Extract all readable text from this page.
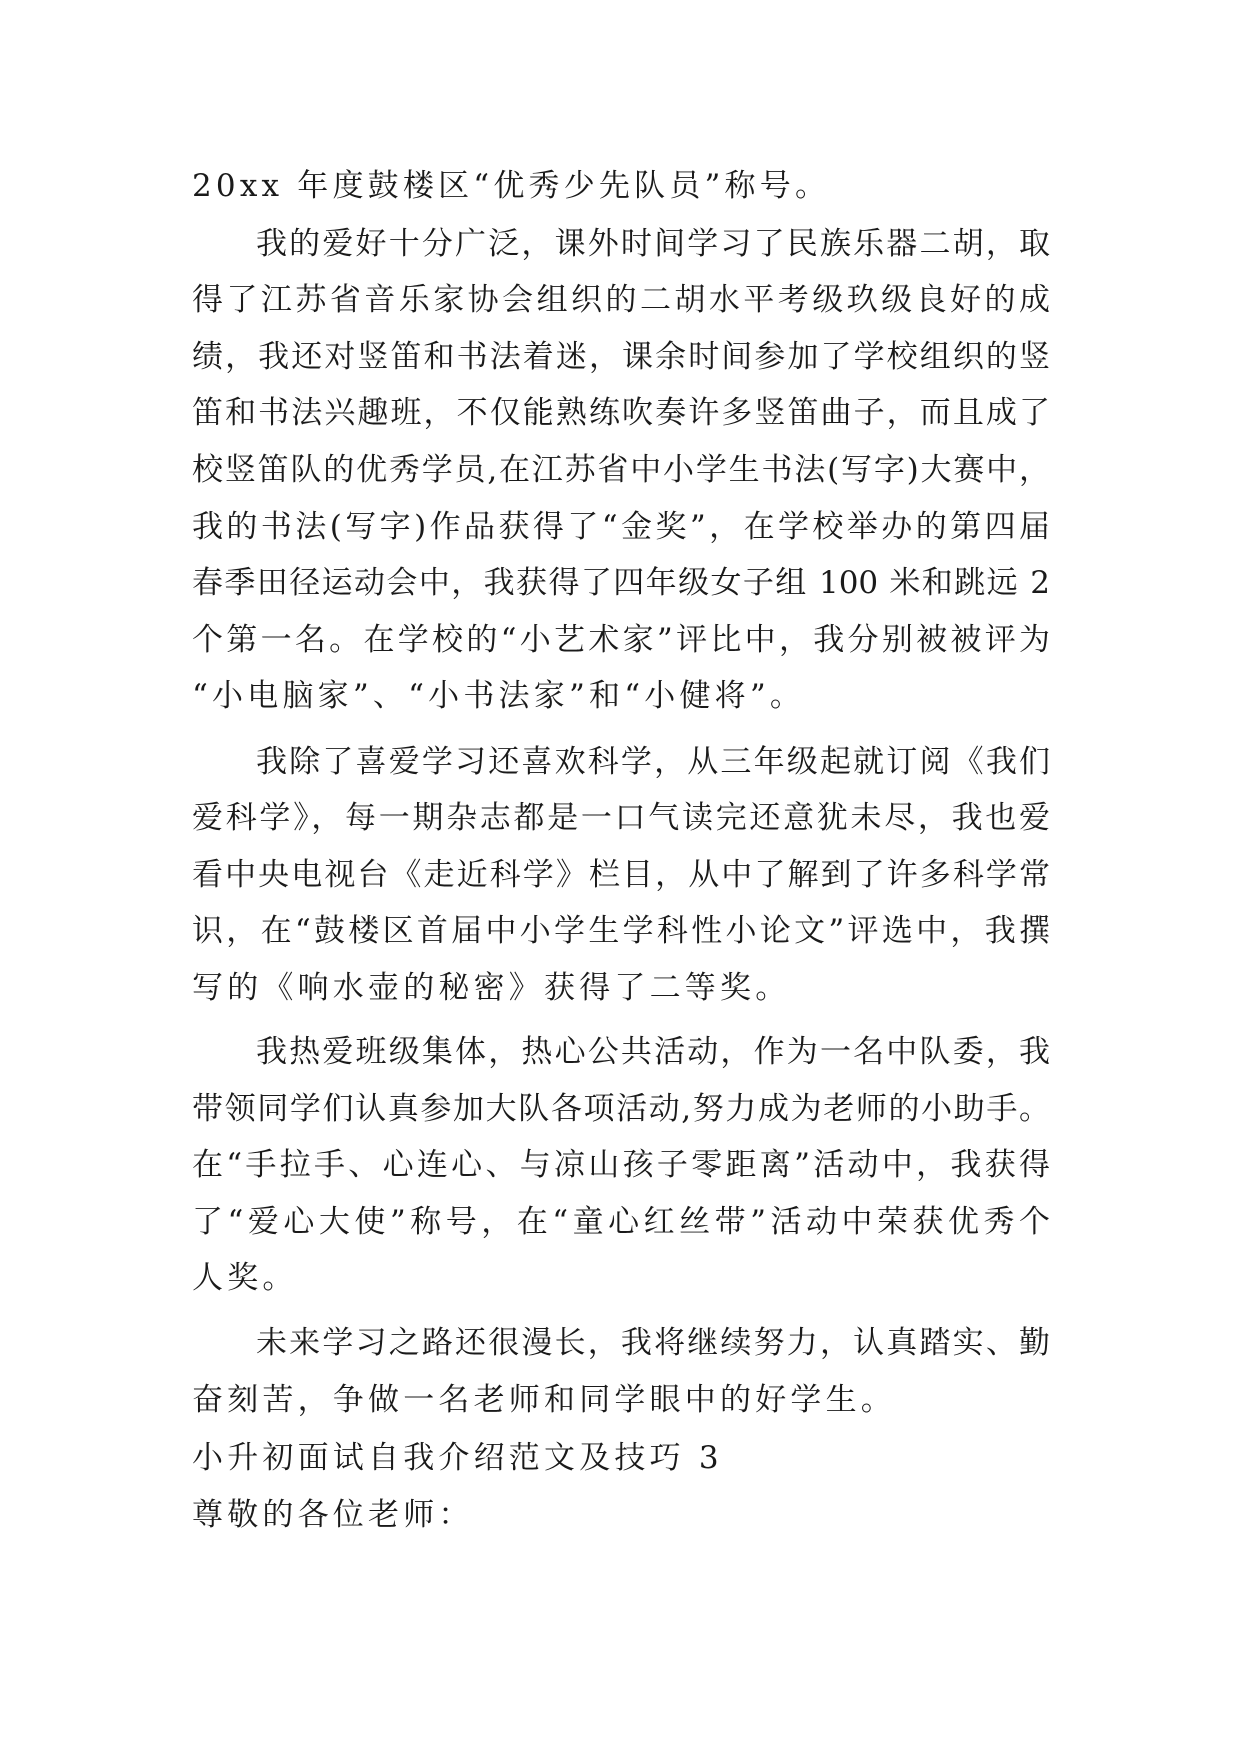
20xx 年度鼓楼区“优秀少先队员”称号。
我的爱好十分广泛，课外时间学习了民族乐器二胡，取
得了江苏省音乐家协会组织的二胡水平考级玖级良好的成
绩，我还对竖笛和书法着迷，课余时间参加了学校组织的竖
笛和书法兴趣班，不仅能熟练吹奏许多竖笛曲子，而且成了
校竖笛队的优秀学员,在江苏省中小学生书法(写字)大赛中，
我的书法(写字)作品获得了“金奖”，在学校举办的第四届
春季田径运动会中，我获得了四年级女子组 100 米和跳远 2
个第一名。在学校的“小艺术家”评比中，我分别被被评为
“小电脑家”、“小书法家”和“小健将”。
我除了喜爱学习还喜欢科学，从三年级起就订阅《我们
爱科学》，每一期杂志都是一口气读完还意犹未尽，我也爱
看中央电视台《走近科学》栏目，从中了解到了许多科学常
识，在“鼓楼区首届中小学生学科性小论文”评选中，我撰
写的《响水壶的秘密》获得了二等奖。
我热爱班级集体，热心公共活动，作为一名中队委，我
带领同学们认真参加大队各项活动,努力成为老师的小助手。
在“手拉手、心连心、与凉山孩子零距离”活动中，我获得
了“爱心大使”称号，在“童心红丝带”活动中荣获优秀个
人奖。
未来学习之路还很漫长，我将继续努力，认真踏实、勤
奋刻苦，争做一名老师和同学眼中的好学生。
小升初面试自我介绍范文及技巧 3
尊敬的各位老师：
